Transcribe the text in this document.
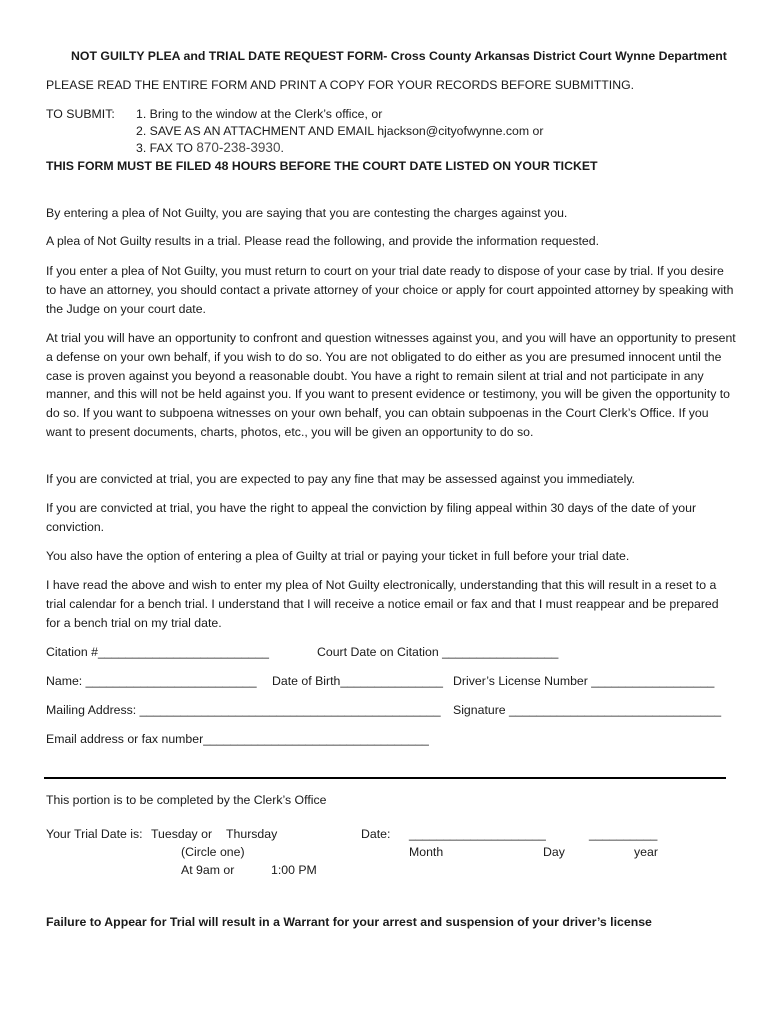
NOT GUILTY PLEA and TRIAL DATE REQUEST FORM- Cross County Arkansas District Court Wynne Department
PLEASE READ THE ENTIRE FORM AND PRINT A COPY FOR YOUR RECORDS BEFORE SUBMITTING.
TO SUBMIT: 1. Bring to the window at the Clerk’s office, or
2. SAVE AS AN ATTACHMENT AND EMAIL hjackson@cityofwynne.com or
3. FAX TO 870-238-3930.
THIS FORM MUST BE FILED 48 HOURS BEFORE THE COURT DATE LISTED ON YOUR TICKET
By entering a plea of Not Guilty, you are saying that you are contesting the charges against you.
A plea of Not Guilty results in a trial. Please read the following, and provide the information requested.
If you enter a plea of Not Guilty, you must return to court on your trial date ready to dispose of your case by trial. If you desire to have an attorney, you should contact a private attorney of your choice or apply for court appointed attorney by speaking with the Judge on your court date.
At trial you will have an opportunity to confront and question witnesses against you, and you will have an opportunity to present a defense on your own behalf, if you wish to do so. You are not obligated to do either as you are presumed innocent until the case is proven against you beyond a reasonable doubt. You have a right to remain silent at trial and not participate in any manner, and this will not be held against you. If you want to present evidence or testimony, you will be given the opportunity to do so. If you want to subpoena witnesses on your own behalf, you can obtain subpoenas in the Court Clerk’s Office. If you want to present documents, charts, photos, etc., you will be given an opportunity to do so.
If you are convicted at trial, you are expected to pay any fine that may be assessed against you immediately.
If you are convicted at trial, you have the right to appeal the conviction by filing appeal within 30 days of the date of your conviction.
You also have the option of entering a plea of Guilty at trial or paying your ticket in full before your trial date.
I have read the above and wish to enter my plea of Not Guilty electronically, understanding that this will result in a reset to a trial calendar for a bench trial. I understand that I will receive a notice email or fax and that I must reappear and be prepared for a bench trial on my trial date.
Citation #_________________________	Court Date on Citation _________________
Name: _________________________ Date of Birth_______________ Driver’s License Number __________________
Mailing Address: ____________________________________________ Signature _______________________________
Email address or fax number_________________________________
This portion is to be completed by the Clerk’s Office
Your Trial Date is: Tuesday or Thursday
(Circle one)
At 9am or	1:00 PM
Date: ____________________	__________
Month	Day	year
Failure to Appear for Trial will result in a Warrant for your arrest and suspension of your driver’s license
